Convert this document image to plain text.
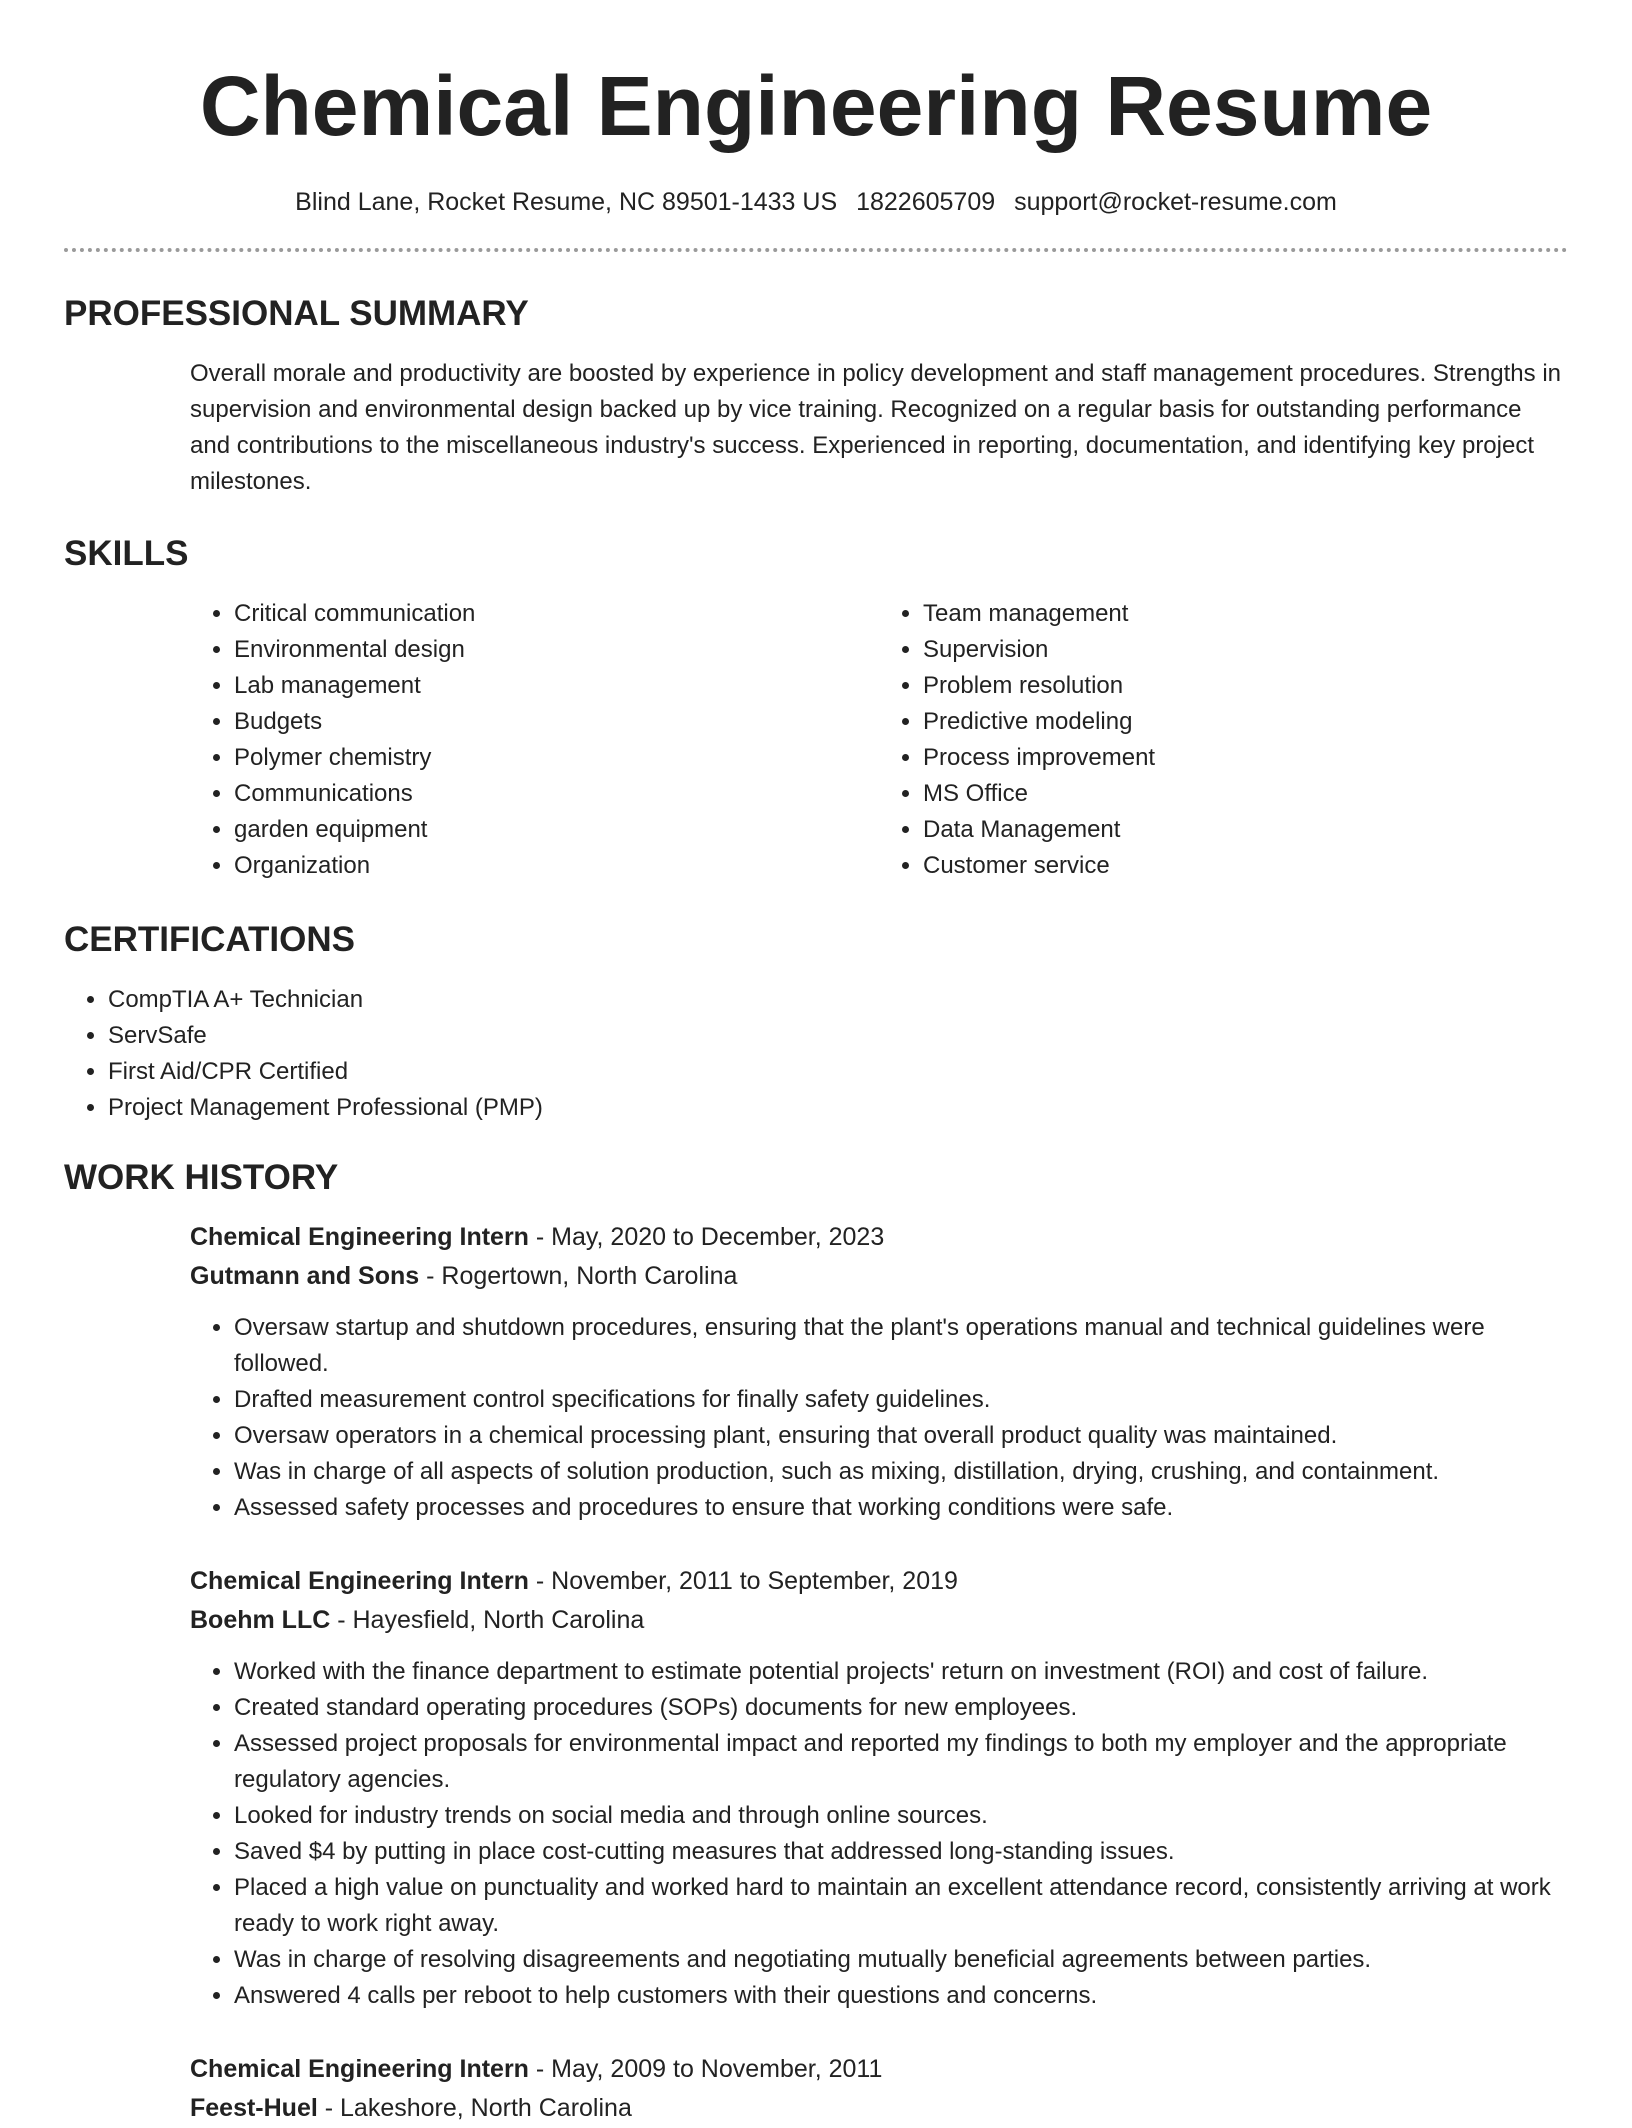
Chemical Engineering Resume
Blind Lane, Rocket Resume, NC 89501-1433 US 1822605709 support@rocket-resume.com
PROFESSIONAL SUMMARY

Overall morale and productivity are boosted by experience in policy development and staff management procedures. Strengths in supervision and environmental design backed up by vice training. Recognized on a regular basis for outstanding performance and contributions to the miscellaneous industry's success. Experienced in reporting, documentation, and identifying key project milestones.

SKILLS
• Critical communication
• Environmental design
• Lab management
• Budgets
• Polymer chemistry
• Communications
• garden equipment
• Organization
• Team management
• Supervision
• Problem resolution
• Predictive modeling
• Process improvement
• MS Office
• Data Management
• Customer service
CERTIFICATIONS
• CompTIA A+ Technician
• ServSafe
• First Aid/CPR Certified
• Project Management Professional (PMP)
WORK HISTORY
Chemical Engineering Intern - May, 2020 to December, 2023
Gutmann and Sons - Rogertown, North Carolina
• Oversaw startup and shutdown procedures, ensuring that the plant's operations manual and technical guidelines were followed.
• Drafted measurement control specifications for finally safety guidelines.
• Oversaw operators in a chemical processing plant, ensuring that overall product quality was maintained.
• Was in charge of all aspects of solution production, such as mixing, distillation, drying, crushing, and containment.
• Assessed safety processes and procedures to ensure that working conditions were safe.
Chemical Engineering Intern - November, 2011 to September, 2019
Boehm LLC - Hayesfield, North Carolina
• Worked with the finance department to estimate potential projects' return on investment (ROI) and cost of failure.
• Created standard operating procedures (SOPs) documents for new employees.
• Assessed project proposals for environmental impact and reported my findings to both my employer and the appropriate regulatory agencies.
• Looked for industry trends on social media and through online sources.
• Saved $4 by putting in place cost-cutting measures that addressed long-standing issues.
• Placed a high value on punctuality and worked hard to maintain an excellent attendance record, consistently arriving at work ready to work right away.
• Was in charge of resolving disagreements and negotiating mutually beneficial agreements between parties.
• Answered 4 calls per reboot to help customers with their questions and concerns.
Chemical Engineering Intern - May, 2009 to November, 2011
Feest-Huel - Lakeshore, North Carolina
